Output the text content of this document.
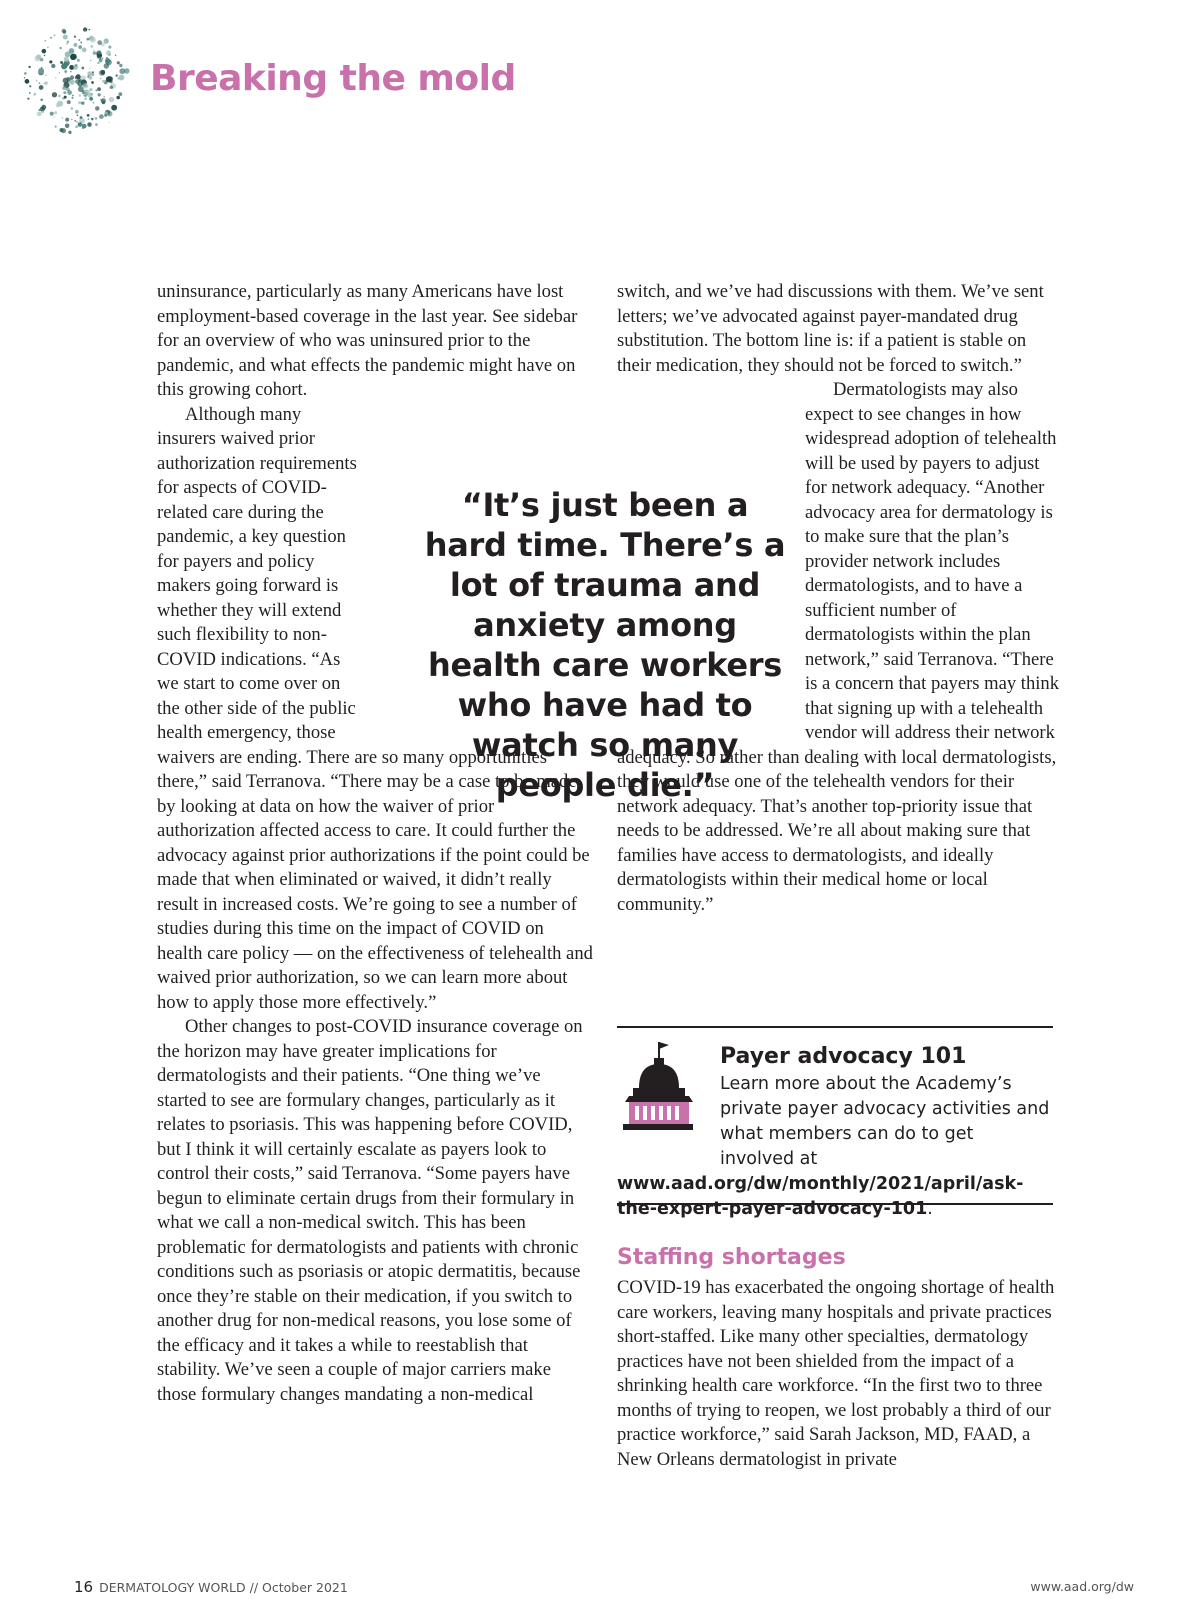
Breaking the mold

uninsurance, particularly as many Americans have lost employment-based coverage in the last year. See sidebar for an overview of who was uninsured prior to the pandemic, and what effects the pandemic might have on this growing cohort.

Although many insurers waived prior authorization requirements for aspects of COVID-related care during the pandemic, a key question for payers and policy makers going forward is whether they will extend such flexibility to non-COVID indications. “As we start to come over on the other side of the public health emergency, those waivers are ending. There are so many opportunities there,” said Terranova. “There may be a case to be made by looking at data on how the waiver of prior authorization affected access to care. It could further the advocacy against prior authorizations if the point could be made that when eliminated or waived, it didn’t really result in increased costs. We’re going to see a number of studies during this time on the impact of COVID on health care policy — on the effectiveness of telehealth and waived prior authorization, so we can learn more about how to apply those more effectively.”

Other changes to post-COVID insurance coverage on the horizon may have greater implications for dermatologists and their patients. “One thing we’ve started to see are formulary changes, particularly as it relates to psoriasis. This was happening before COVID, but I think it will certainly escalate as payers look to control their costs,” said Terranova. “Some payers have begun to eliminate certain drugs from their formulary in what we call a non-medical switch. This has been problematic for dermatologists and patients with chronic conditions such as psoriasis or atopic dermatitis, because once they’re stable on their medication, if you switch to another drug for non-medical reasons, you lose some of the efficacy and it takes a while to reestablish that stability. We’ve seen a couple of major carriers make those formulary changes mandating a non-medical

switch, and we’ve had discussions with them. We’ve sent letters; we’ve advocated against payer-mandated drug substitution. The bottom line is: if a patient is stable on their medication, they should not be forced to switch.”

Dermatologists may also expect to see changes in how widespread adoption of telehealth will be used by payers to adjust for network adequacy. “Another advocacy area for dermatology is to make sure that the plan’s provider network includes dermatologists, and to have a sufficient number of dermatologists within the plan network,” said Terranova. “There is a concern that payers may think that signing up with a telehealth vendor will address their network adequacy. So rather than dealing with local dermatologists, they would use one of the telehealth vendors for their network adequacy. That’s another top-priority issue that needs to be addressed. We’re all about making sure that families have access to dermatologists, and ideally dermatologists within their medical home or local community.”

“It’s just been a hard time. There’s a lot of trauma and anxiety among health care workers who have had to watch so many people die.”

Payer advocacy 101

Learn more about the Academy’s private payer advocacy activities and what members can do to get involved at www.aad.org/dw/monthly/2021/april/ask-the-expert-payer-advocacy-101.

Staffing shortages

COVID-19 has exacerbated the ongoing shortage of health care workers, leaving many hospitals and private practices short-staffed. Like many other specialties, dermatology practices have not been shielded from the impact of a shrinking health care workforce. “In the first two to three months of trying to reopen, we lost probably a third of our practice workforce,” said Sarah Jackson, MD, FAAD, a New Orleans dermatologist in private

16 DERMATOLOGY WORLD // October 2021	www.aad.org/dw
